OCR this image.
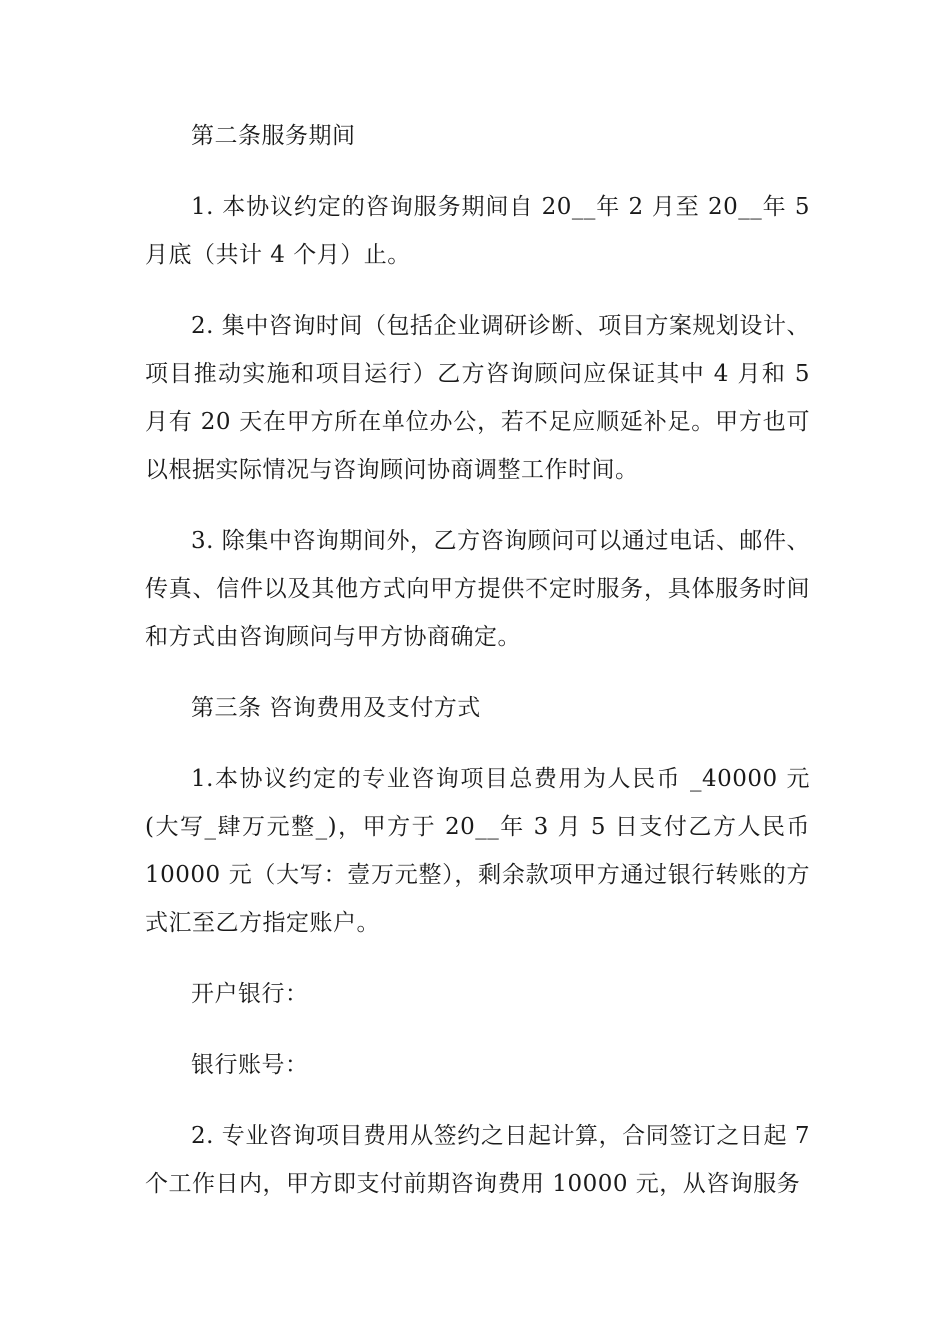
第二条服务期间

1. 本协议约定的咨询服务期间自 20__年 2 月至 20__年 5 月底（共计 4 个月）止。

2. 集中咨询时间（包括企业调研诊断、项目方案规划设计、项目推动实施和项目运行）乙方咨询顾问应保证其中 4 月和 5 月有 20 天在甲方所在单位办公，若不足应顺延补足。甲方也可以根据实际情况与咨询顾问协商调整工作时间。

3. 除集中咨询期间外，乙方咨询顾问可以通过电话、邮件、传真、信件以及其他方式向甲方提供不定时服务，具体服务时间和方式由咨询顾问与甲方协商确定。

第三条 咨询费用及支付方式

1.本协议约定的专业咨询项目总费用为人民币 _40000 元(大写_肆万元整_)，甲方于 20__年 3 月 5 日支付乙方人民币 10000 元（大写：壹万元整），剩余款项甲方通过银行转账的方式汇至乙方指定账户。

开户银行：

银行账号：

2. 专业咨询项目费用从签约之日起计算，合同签订之日起 7 个工作日内，甲方即支付前期咨询费用 10000 元，从咨询服务
